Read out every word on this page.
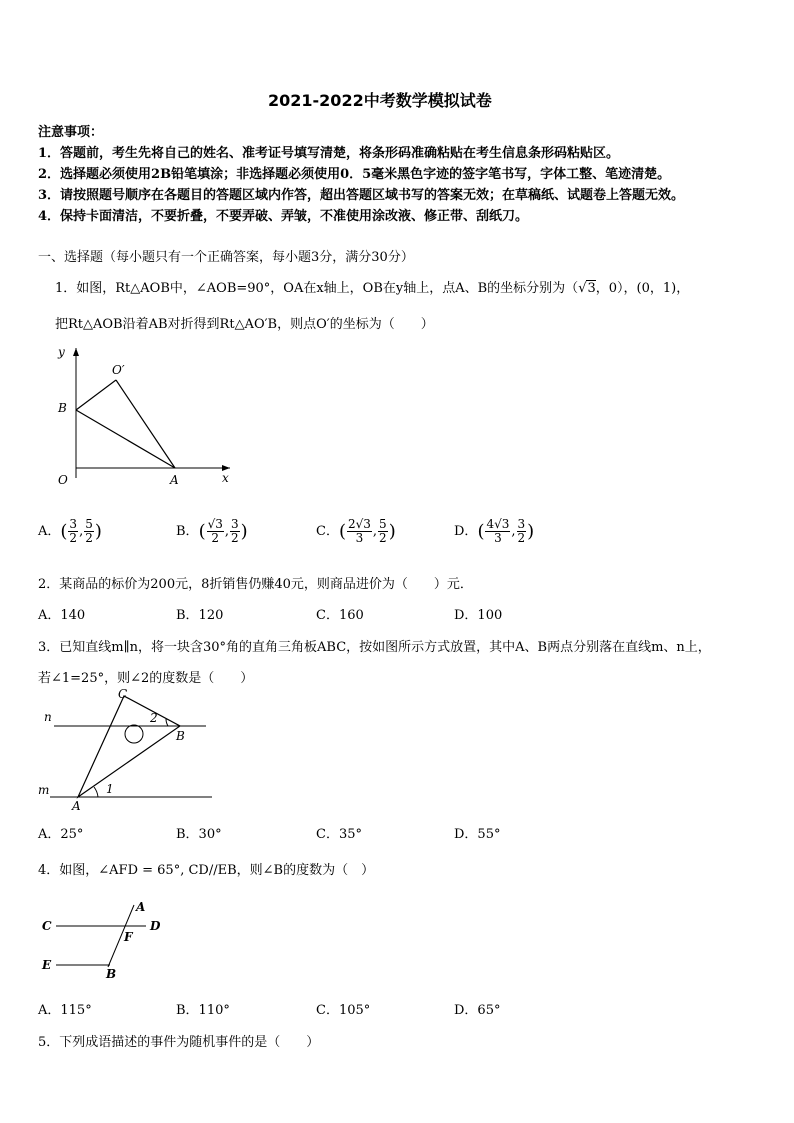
2021-2022中考数学模拟试卷
注意事项：
1．答题前，考生先将自己的姓名、准考证号填写清楚，将条形码准确粘贴在考生信息条形码粘贴区。
2．选择题必须使用2B铅笔填涂；非选择题必须使用0．5毫米黑色字迹的签字笔书写，字体工整、笔迹清楚。
3．请按照题号顺序在各题目的答题区域内作答，超出答题区域书写的答案无效；在草稿纸、试题卷上答题无效。
4．保持卡面清洁，不要折叠，不要弄破、弄皱，不准使用涂改液、修正带、刮纸刀。
一、选择题（每小题只有一个正确答案，每小题3分，满分30分）
1．如图，Rt△AOB中，∠AOB=90°，OA在x轴上，OB在y轴上，点A、B的坐标分别为（√3，0），(0，1)，
把Rt△AOB沿着AB对折得到Rt△AO′B，则点O′的坐标为（　　）
y
x
O	A
B
O′
A．( $\frac{3}{2}$ , $\frac{5}{2}$ )	B．( $\frac{√3}{2}$ , $\frac{3}{2}$ )	C．( $\frac{2√3}{3}$ , $\frac{5}{2}$ )	D．( $\frac{4√3}{3}$ , $\frac{3}{2}$ )
2．某商品的标价为200元，8折销售仍赚40元，则商品进价为（　　）元．
A．140	B．120	C．160	D．100
3．已知直线m∥n，将一块含30°角的直角三角板ABC，按如图所示方式放置，其中A、B两点分别落在直线m、n上，
若∠1=25°，则∠2的度数是（　　）
n
m
A
B
C
1
2
A．25°	B．30°	C．35°	D．55°
4．如图，∠AFD = 65°, CD//EB，则∠B的度数为（　）
C	D
A
F
E
B
A．115°	B．110°	C．105°	D．65°
5．下列成语描述的事件为随机事件的是（　　）
